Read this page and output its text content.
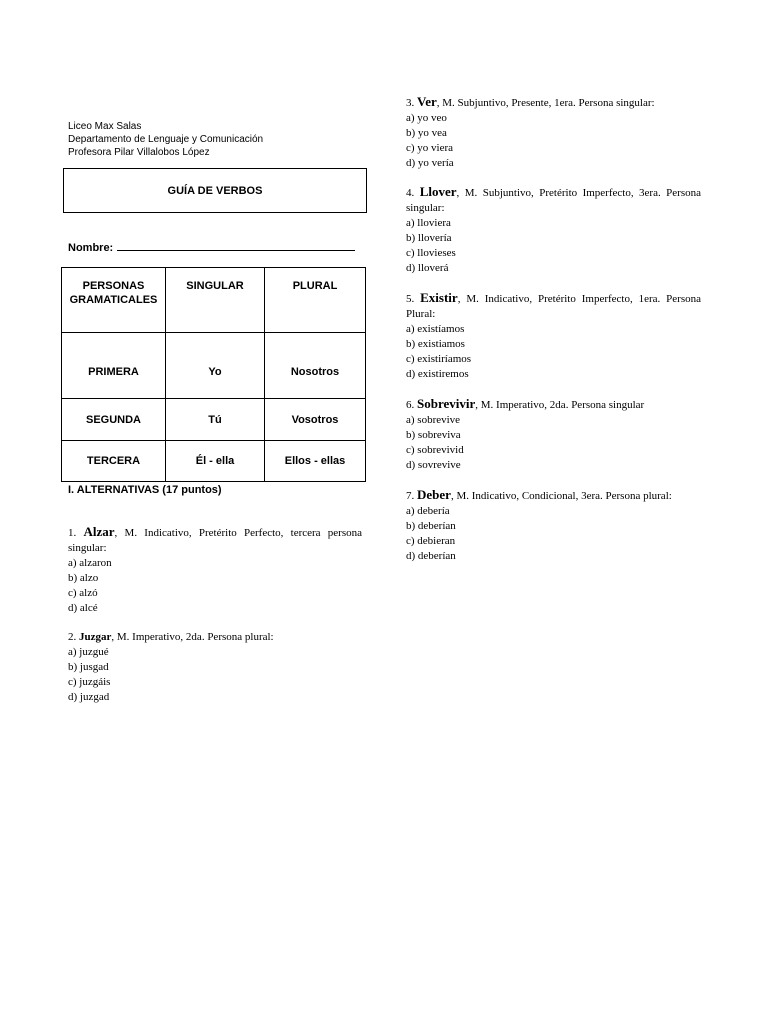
Liceo Max Salas
Departamento de Lenguaje y Comunicación
Profesora Pilar Villalobos López
GUÍA DE VERBOS
Nombre:
PERSONAS
GRAMATICALES	SINGULAR	PLURAL
PRIMERA	Yo	Nosotros
SEGUNDA	Tú	Vosotros
TERCERA	Él - ella	Ellos - ellas
I. ALTERNATIVAS (17 puntos)
1. Alzar, M. Indicativo, Pretérito Perfecto, tercera persona singular:
a) alzaron
b) alzo
c) alzó
d) alcé
2. Juzgar, M. Imperativo, 2da. Persona plural:
a) juzgué
b) jusgad
c) juzgáis
d) juzgad
3. Ver, M. Subjuntivo, Presente, 1era. Persona singular:
a) yo veo
b) yo vea
c) yo viera
d) yo vería
4. Llover, M. Subjuntivo, Pretérito Imperfecto, 3era. Persona singular:
a) lloviera
b) llovería
c) llovieses
d) lloverá
5. Existir, M. Indicativo, Pretérito Imperfecto, 1era. Persona Plural:
a) existíamos
b) existiamos
c) existiríamos
d) existiremos
6. Sobrevivir, M. Imperativo, 2da. Persona singular
a) sobrevive
b) sobreviva
c) sobrevivid
d) sovrevive
7. Deber, M. Indicativo, Condicional, 3era. Persona plural:
a) debería
b) deberían
c) debieran
d) deberían
